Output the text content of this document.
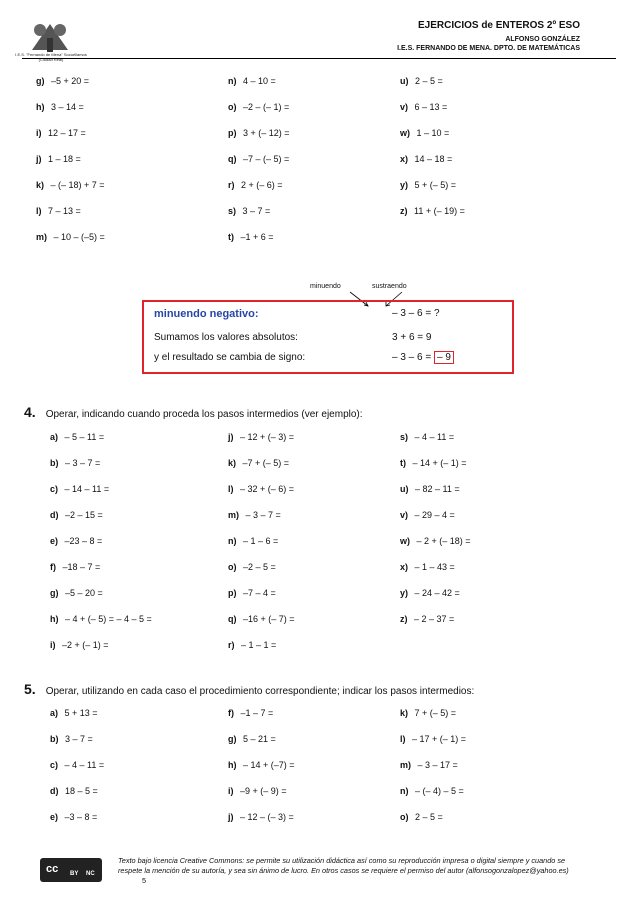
I.E.S. "Fernando de Mena" Socuéllamos (Ciudad Real)
EJERCICIOS de ENTEROS 2º ESO
ALFONSO GONZÁLEZ
I.E.S. FERNANDO DE MENA. DPTO. DE MATEMÁTICAS
g) –5 + 20 =
h) 3 – 14 =
i) 12 – 17 =
j) 1 – 18 =
k) – (– 18) + 7 =
l) 7 – 13 =
m) – 10 – (–5) =
n) 4 – 10 =
o) –2 – (– 1) =
p) 3 + (– 12) =
q) –7 – (– 5) =
r) 2 + (– 6) =
s) 3 – 7 =
t) –1 + 6 =
u) 2 – 5 =
v) 6 – 13 =
w) 1 – 10 =
x) 14 – 18 =
y) 5 + (– 5) =
z) 11 + (– 19) =
minuendo	sustraendo
minuendo negativo:	– 3 – 6 = ?
Sumamos los valores absolutos:	3 + 6 = 9
y el resultado se cambia de signo:	– 3 – 6 = – 9
4. Operar, indicando cuando proceda los pasos intermedios (ver ejemplo):
a) – 5 – 11 =
b) – 3 – 7 =
c) – 14 – 11 =
d) –2 – 15 =
e) –23 – 8 =
f) –18 – 7 =
g) –5 – 20 =
h) – 4 + (– 5) = – 4 – 5 =
i) –2 + (– 1) =
j) – 12 + (– 3) =
k) –7 + (– 5) =
l) – 32 + (– 6) =
m) – 3 – 7 =
n) – 1 – 6 =
o) –2 – 5 =
p) –7 – 4 =
q) –16 + (– 7) =
r) – 1 – 1 =
s) – 4 – 11 =
t) – 14 + (– 1) =
u) – 82 – 11 =
v) – 29 – 4 =
w) – 2 + (– 18) =
x) – 1 – 43 =
y) – 24 – 42 =
z) – 2 – 37 =
5. Operar, utilizando en cada caso el procedimiento correspondiente; indicar los pasos intermedios:
a) 5 + 13 =
b) 3 – 7 =
c) – 4 – 11 =
d) 18 – 5 =
e) –3 – 8 =
f) –1 – 7 =
g) 5 – 21 =
h) – 14 + (–7) =
i) –9 + (– 9) =
j) – 12 – (– 3) =
k) 7 + (– 5) =
l) – 17 + (– 1) =
m) – 3 – 17 =
n) – (– 4) – 5 =
o) 2 – 5 =
cc BY NC
Texto bajo licencia Creative Commons: se permite su utilización didáctica así como su reproducción impresa o digital siempre y cuando se respete la mención de su autoría, y sea sin ánimo de lucro. En otros casos se requiere el permiso del autor (alfonsogonzalopez@yahoo.es) 5
